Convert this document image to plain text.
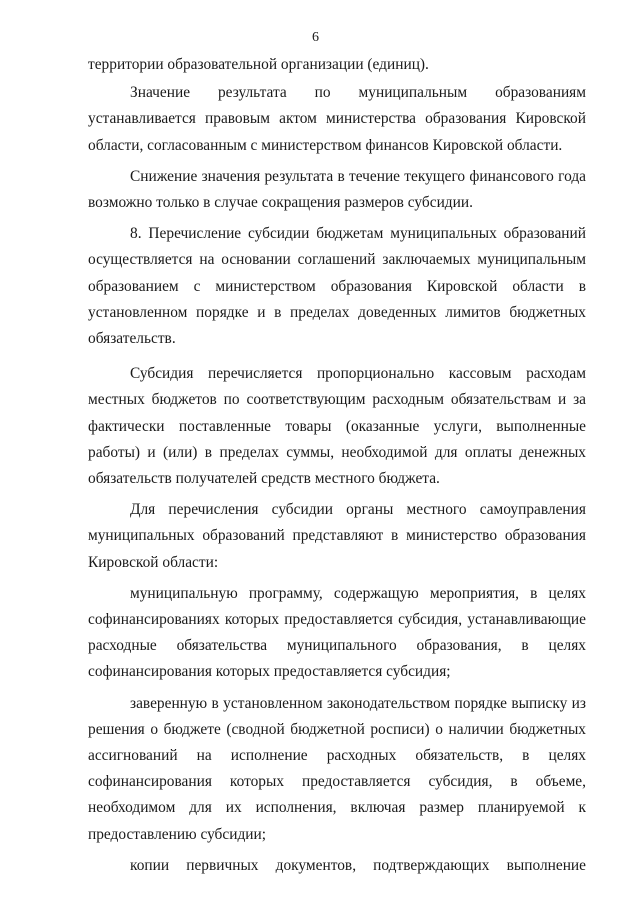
6

территории образовательной организации (единиц).

Значение результата по муниципальным образованиям устанавливается правовым актом министерства образования Кировской области, согласованным с министерством финансов Кировской области.

Снижение значения результата в течение текущего финансового года возможно только в случае сокращения размеров субсидии.

8. Перечисление субсидии бюджетам муниципальных образований осуществляется на основании соглашений заключаемых муниципальным образованием с министерством образования Кировской области в установленном порядке и в пределах доведенных лимитов бюджетных обязательств.

Субсидия перечисляется пропорционально кассовым расходам местных бюджетов по соответствующим расходным обязательствам и за фактически поставленные товары (оказанные услуги, выполненные работы) и (или) в пределах суммы, необходимой для оплаты денежных обязательств получателей средств местного бюджета.

Для перечисления субсидии органы местного самоуправления муниципальных образований представляют в министерство образования Кировской области:

муниципальную программу, содержащую мероприятия, в целях софинансированиях которых предоставляется субсидия, устанавливающие расходные обязательства муниципального образования, в целях софинансирования которых предоставляется субсидия;

заверенную в установленном законодательством порядке выписку из решения о бюджете (сводной бюджетной росписи) о наличии бюджетных ассигнований на исполнение расходных обязательств, в целях софинансирования которых предоставляется субсидия, в объеме, необходимом для их исполнения, включая размер планируемой к предоставлению субсидии;

копии первичных документов, подтверждающих выполнение
